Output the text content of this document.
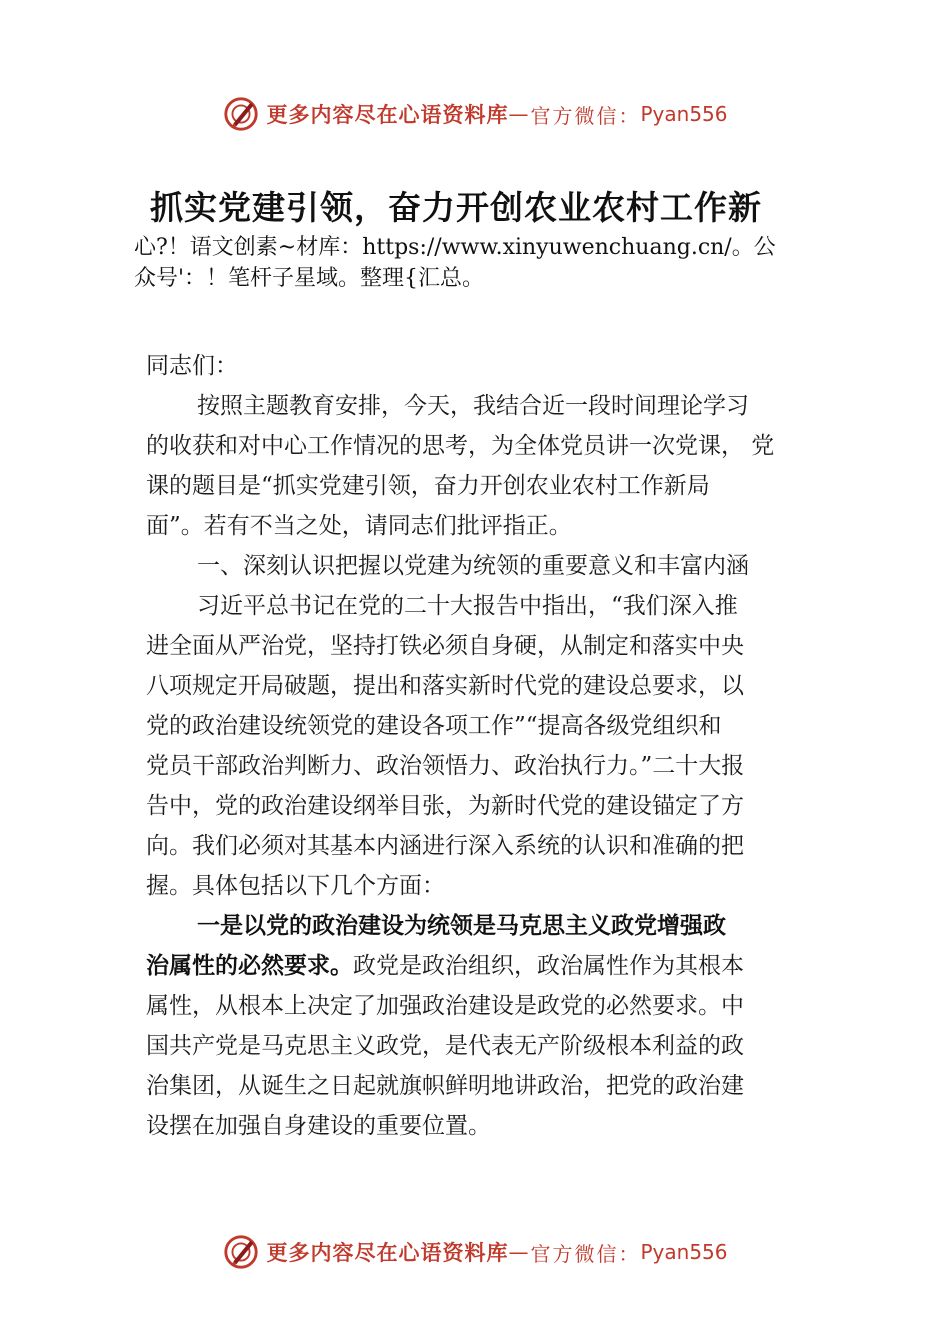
更多内容尽在心语资料库 — 官方微信： Pyan556
抓实党建引领，奋力开创农业农村工作新
心?！语文创素~材库：https://www.xinyuwenchuang.cn/。公
众号'：！笔杆子星域。整理{汇总。
同志们：
按照主题教育安排，今天，我结合近一段时间理论学习
的收获和对中心工作情况的思考，为全体党员讲一次党课， 党
课的题目是“抓实党建引领，奋力开创农业农村工作新局
面”。若有不当之处，请同志们批评指正。
一、深刻认识把握以党建为统领的重要意义和丰富内涵
习近平总书记在党的二十大报告中指出，“我们深入推
进全面从严治党，坚持打铁必须自身硬，从制定和落实中央
八项规定开局破题，提出和落实新时代党的建设总要求，以
党的政治建设统领党的建设各项工作”“提高各级党组织和
党员干部政治判断力、政治领悟力、政治执行力。”二十大报
告中，党的政治建设纲举目张，为新时代党的建设锚定了方
向。我们必须对其基本内涵进行深入系统的认识和准确的把
握。具体包括以下几个方面：
一是以党的政治建设为统领是马克思主义政党增强政
治属性的必然要求。政党是政治组织，政治属性作为其根本
属性，从根本上决定了加强政治建设是政党的必然要求。中
国共产党是马克思主义政党，是代表无产阶级根本利益的政
治集团，从诞生之日起就旗帜鲜明地讲政治，把党的政治建
设摆在加强自身建设的重要位置。
更多内容尽在心语资料库 — 官方微信： Pyan556
